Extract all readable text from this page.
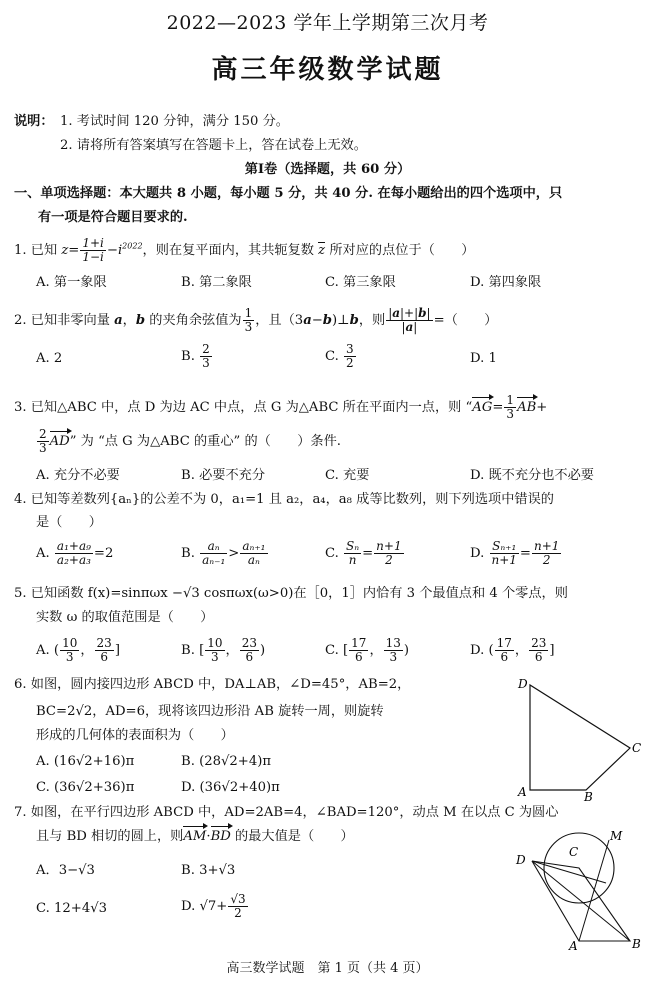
2022—2023 学年上学期第三次月考
高三年级数学试题
说明： 1. 考试时间 120 分钟，满分 150 分。
2. 请将所有答案填写在答题卡上，答在试卷上无效。
第Ⅰ卷（选择题，共 60 分）
一、单项选择题：本大题共 8 小题，每小题 5 分，共 40 分. 在每小题给出的四个选项中，只
有一项是符合题目要求的.
1. 已知 $z= \frac{1+i}{1-i} -i^{2022}$，则在复平面内，其共轭复数 z 所对应的点位于（　　）
A. 第一象限	B. 第二象限	C. 第三象限	D. 第四象限
2. 已知非零向量 a，b 的夹角余弦值为 $\frac{1}{3}$ ，且（3a−b)⊥b，则 $\frac{|a|+|b|}{|a|}$ =（　　）
A. 2	B. $\frac{2}{3}$	C. $\frac{3}{2}$	D. 1
3. 已知△ABC 中，点 D 为边 AC 中点，点 G 为△ABC 所在平面内一点，则 “$AG= \frac{1}{3} AB+$
$\frac{2}{3}$ AD” 为 “点 G 为△ABC 的重心” 的（　　）条件.
A. 充分不必要	B. 必要不充分	C. 充要	D. 既不充分也不必要
4. 已知等差数列{aₙ}的公差不为 0，a₁=1 且 a₂，a₄，a₈ 成等比数列，则下列选项中错误的
是（　　）
A. $\frac{\text{a₁+a₉}}{\text{a₂+a₃}} =2$	B. $\frac{\text{aₙ}}{\text{aₙ₋₁}} > \frac{\text{aₙ₊₁}}{\text{aₙ}}$	C. $\frac{\text{Sₙ}}{n} = \frac{n+1}{2}$	D. $\frac{\text{Sₙ₊₁}}{n+1} = \frac{n+1}{2}$
5. 已知函数 f(x)=sinπωx −√3 cosπωx(ω>0)在［0，1］内恰有 3 个最值点和 4 个零点，则
实数 ω 的取值范围是（　　）
A. ( $\frac{10}{3}$ ， $\frac{23}{6}$ ]	B. [ $\frac{10}{3}$ ， $\frac{23}{6}$ )	C. [ $\frac{17}{6}$ ， $\frac{13}{3}$ )	D. ( $\frac{17}{6}$ ， $\frac{23}{6}$ ]
6. 如图，圆内接四边形 ABCD 中，DA⊥AB，∠D=45°，AB=2，
BC=2√2，AD=6，现将该四边形沿 AB 旋转一周，则旋转
形成的几何体的表面积为（　　）
A. (16√2+16)π	B. (28√2+4)π
C. (36√2+36)π	D. (36√2+40)π
D
C
A	B
7. 如图，在平行四边形 ABCD 中，AD=2AB=4，∠BAD=120°，动点 M 在以点 C 为圆心
且与 BD 相切的圆上，则AM·BD 的最大值是（　　）
A．3−√3	B. 3+√3
C. 12+4√3	D. $√7+ \frac{√3}{2}$
D
C
M
A	B
高三数学试题　第 1 页（共 4 页）
